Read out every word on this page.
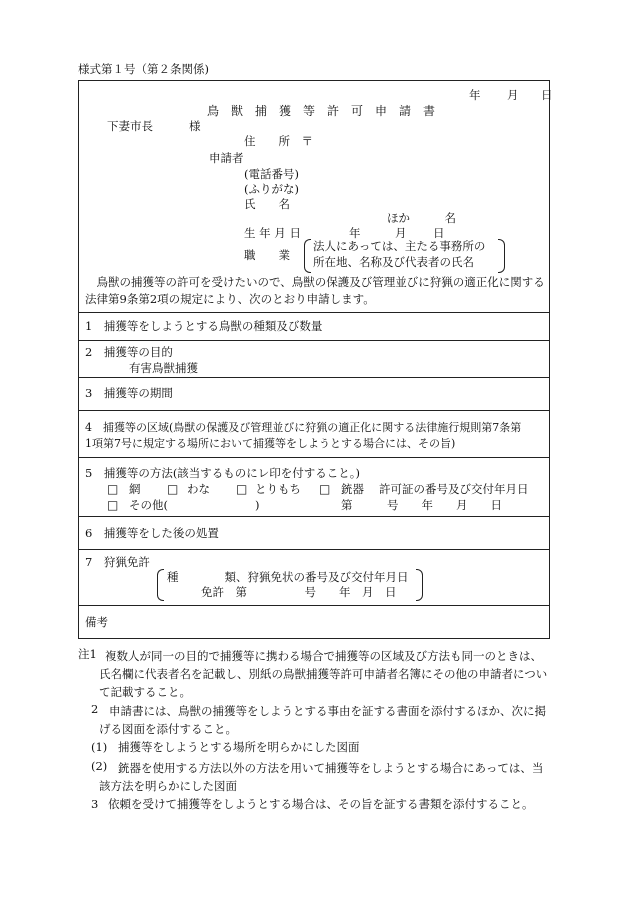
様式第１号（第２条関係)
年 月 日
鳥　獣　捕　獲　等　許　可　申　請　書
下妻市長	様
住　　所　〒
申請者
(電話番号)
(ふりがな)
氏　　名
ほか　　　名
生 年 月 日	年	月 日
職　　業
法人にあっては、主たる事務所の
所在地、名称及び代表者の氏名
鳥獣の捕獲等の許可を受けたいので、鳥獣の保護及び管理並びに狩猟の適正化に関する法律第9条第2項の規定により、次のとおり申請します。
1　捕獲等をしようとする鳥獣の種類及び数量
2　捕獲等の目的
有害鳥獣捕獲
3　捕獲等の期間
4　捕獲等の区域(鳥獣の保護及び管理並びに狩猟の適正化に関する法律施行規則第7条第
1項第7号に規定する場所において捕獲等をしようとする場合には、その旨)
5　捕獲等の方法(該当するものにレ印を付すること。)
□ 網 □ わな □ とりもち □ 銃器 許可証の番号及び交付年月日
□ その他(	)	第　　　号　　年　　月　　日
6　捕獲等をした後の処置
7　狩猟免許
種　　　　類、狩猟免状の番号及び交付年月日
免許　第　　　　　号　　年　月　日
備考
注1 複数人が同一の目的で捕獲等に携わる場合で捕獲等の区域及び方法も同一のときは、氏名欄に代表者名を記載し、別紙の鳥獣捕獲等許可申請者名簿にその他の申請者について記載すること。
2 申請書には、鳥獣の捕獲等をしようとする事由を証する書面を添付するほか、次に掲げる図面を添付すること。
(1) 捕獲等をしようとする場所を明らかにした図面
(2) 銃器を使用する方法以外の方法を用いて捕獲等をしようとする場合にあっては、当該方法を明らかにした図面
3 依頼を受けて捕獲等をしようとする場合は、その旨を証する書類を添付すること。
